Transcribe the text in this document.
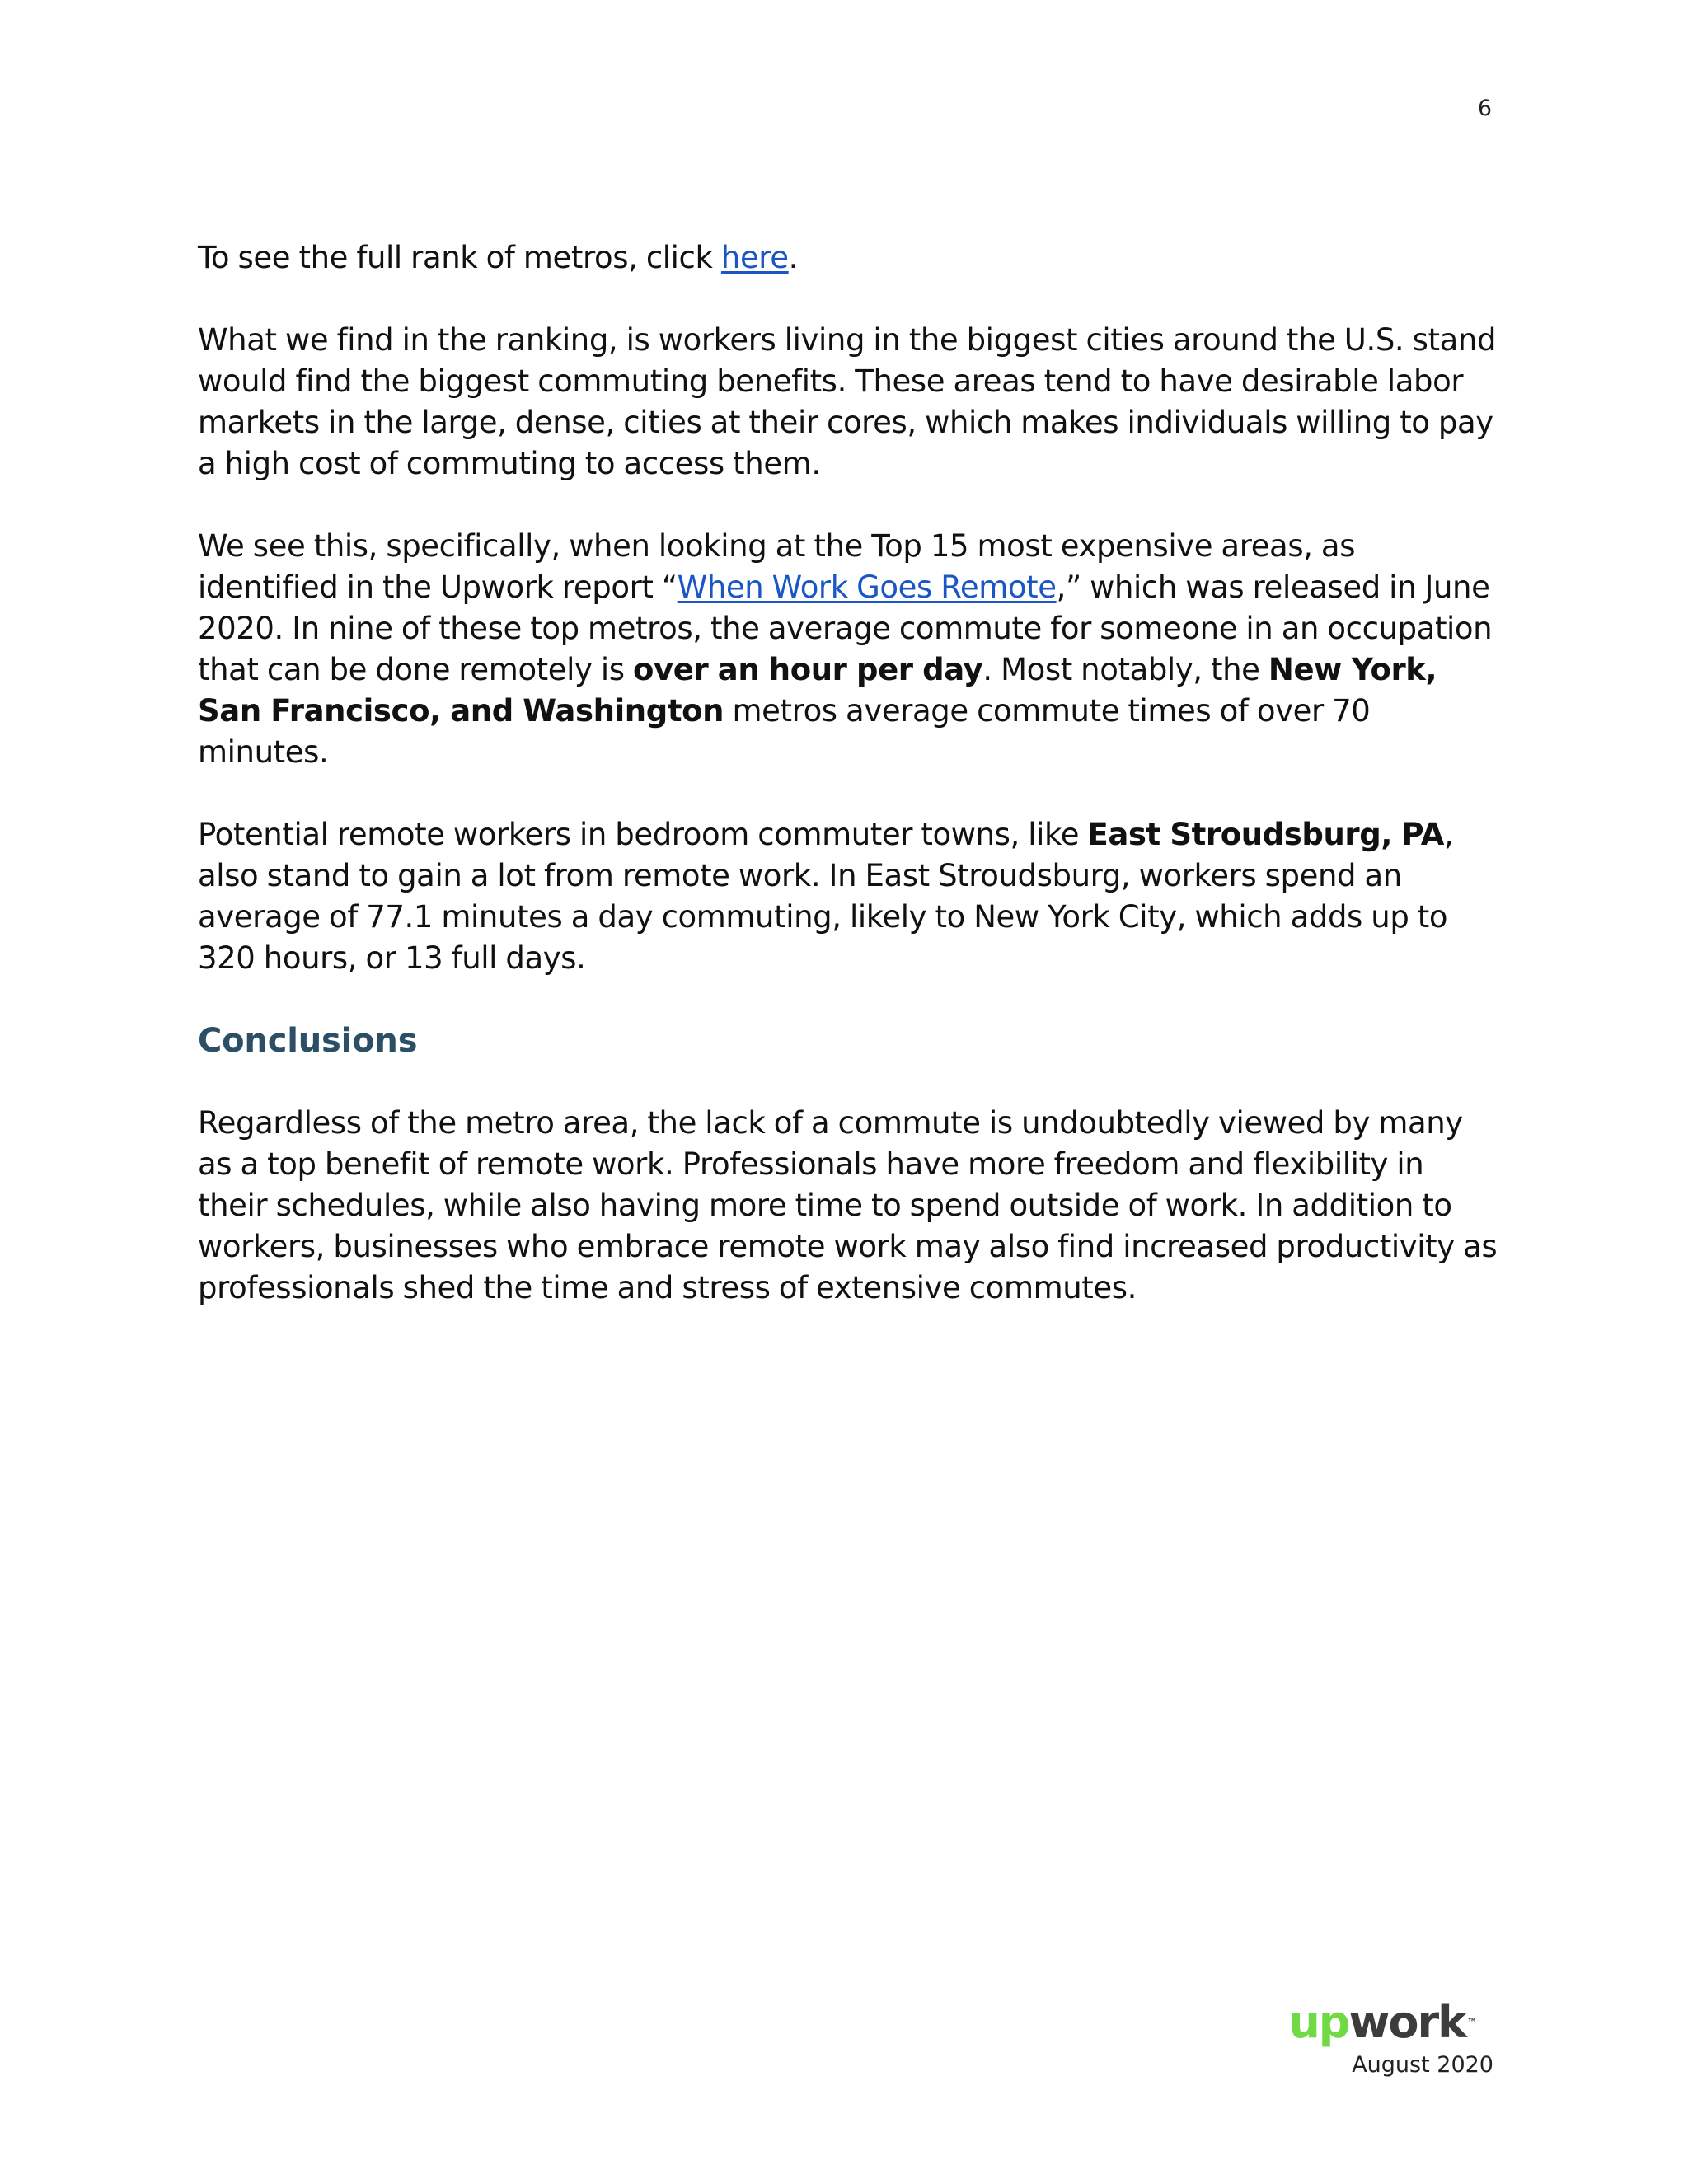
6

To see the full rank of metros, click here.

What we find in the ranking, is workers living in the biggest cities around the U.S. stand would find the biggest commuting benefits. These areas tend to have desirable labor markets in the large, dense, cities at their cores, which makes individuals willing to pay a high cost of commuting to access them.

We see this, specifically, when looking at the Top 15 most expensive areas, as identified in the Upwork report “When Work Goes Remote,” which was released in June 2020. In nine of these top metros, the average commute for someone in an occupation that can be done remotely is over an hour per day. Most notably, the New York, San Francisco, and Washington metros average commute times of over 70 minutes.

Potential remote workers in bedroom commuter towns, like East Stroudsburg, PA, also stand to gain a lot from remote work. In East Stroudsburg, workers spend an average of 77.1 minutes a day commuting, likely to New York City, which adds up to 320 hours, or 13 full days.

Conclusions

Regardless of the metro area, the lack of a commute is undoubtedly viewed by many as a top benefit of remote work. Professionals have more freedom and flexibility in their schedules, while also having more time to spend outside of work. In addition to workers, businesses who embrace remote work may also find increased productivity as professionals shed the time and stress of extensive commutes.

upwork ™
August 2020
